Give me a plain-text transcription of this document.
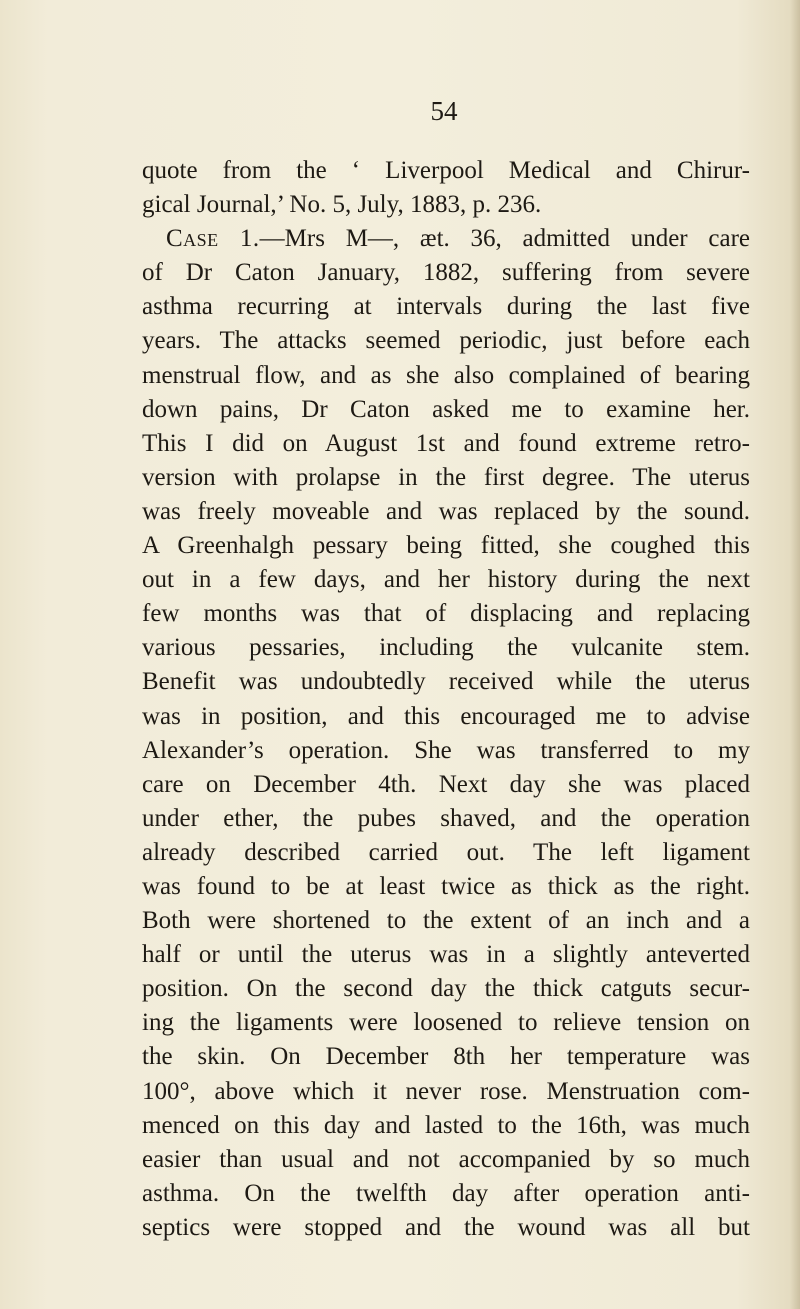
54

quote from the ‘ Liverpool Medical and Chirur-
gical Journal,’ No. 5, July, 1883, p. 236.
Case 1.—Mrs M—, æt. 36, admitted under care
of Dr Caton January, 1882, suffering from severe
asthma recurring at intervals during the last five
years. The attacks seemed periodic, just before each
menstrual flow, and as she also complained of bearing
down pains, Dr Caton asked me to examine her.
This I did on August 1st and found extreme retro-
version with prolapse in the first degree. The uterus
was freely moveable and was replaced by the sound.
A Greenhalgh pessary being fitted, she coughed this
out in a few days, and her history during the next
few months was that of displacing and replacing
various pessaries, including the vulcanite stem.
Benefit was undoubtedly received while the uterus
was in position, and this encouraged me to advise
Alexander’s operation. She was transferred to my
care on December 4th. Next day she was placed
under ether, the pubes shaved, and the operation
already described carried out. The left ligament
was found to be at least twice as thick as the right.
Both were shortened to the extent of an inch and a
half or until the uterus was in a slightly anteverted
position. On the second day the thick catguts secur-
ing the ligaments were loosened to relieve tension on
the skin. On December 8th her temperature was
100°, above which it never rose. Menstruation com-
menced on this day and lasted to the 16th, was much
easier than usual and not accompanied by so much
asthma. On the twelfth day after operation anti-
septics were stopped and the wound was all but
